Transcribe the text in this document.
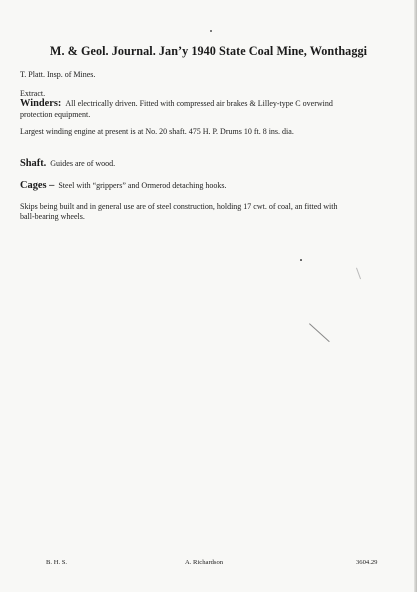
M. & Geol. Journal. Jan’y 1940 State Coal Mine, Wonthaggi
T. Platt. Insp. of Mines.
Extract.
Winders: All electrically driven. Fitted with compressed air brakes & Lilley-type C overwind
protection equipment.
Largest winding engine at present is at No. 20 shaft. 475 H. P. Drums 10 ft. 8 ins. dia.
Shaft. Guides are of wood.
Cages – Steel with “grippers” and Ormerod detaching hooks.
Skips being built and in general use are of steel construction, holding 17 cwt. of coal, an fitted with
ball-bearing wheels.
B. H. S.	A. Richardson	3604.29
